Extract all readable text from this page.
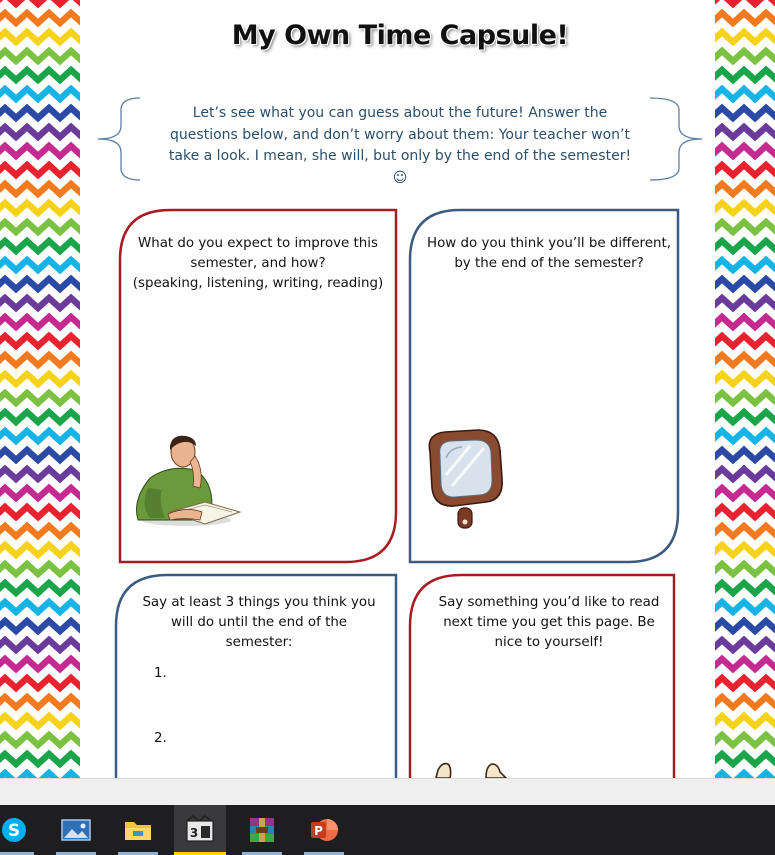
My Own Time Capsule!
Let’s see what you can guess about the future! Answer the questions below, and don’t worry about them: Your teacher won’t take a look. I mean, she will, but only by the end of the semester! ☺
What do you expect to improve this
semester, and how?
(speaking, listening, writing, reading)
How do you think you’ll be different,
by the end of the semester?
Say at least 3 things you think you
will do until the end of the
semester:
1.
2.
Say something you’d like to read
next time you get this page. Be
nice to yourself!
S	3	P
